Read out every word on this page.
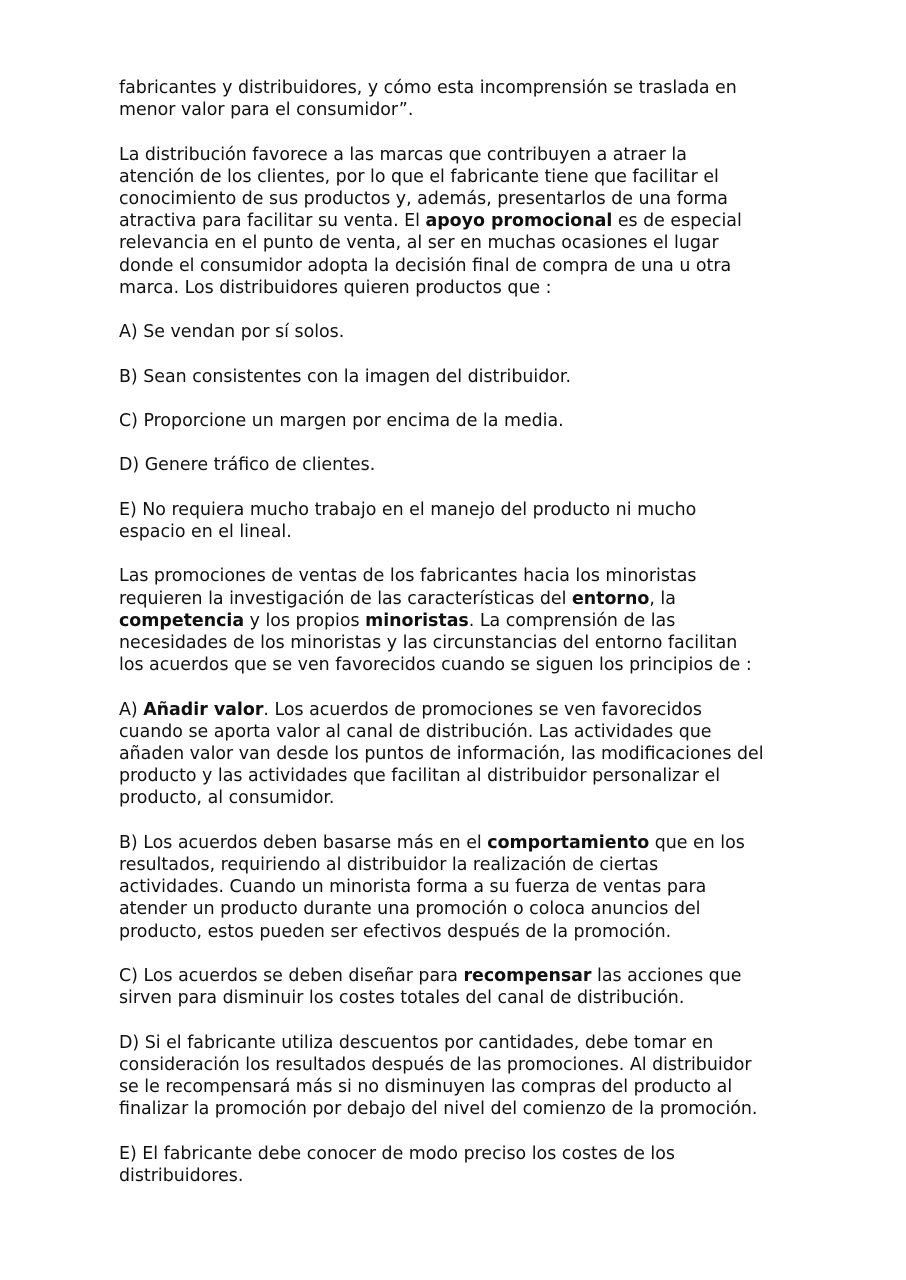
fabricantes y distribuidores, y cómo esta incomprensión se traslada en
menor valor para el consumidor”.

La distribución favorece a las marcas que contribuyen a atraer la
atención de los clientes, por lo que el fabricante tiene que facilitar el
conocimiento de sus productos y, además, presentarlos de una forma
atractiva para facilitar su venta. El apoyo promocional es de especial
relevancia en el punto de venta, al ser en muchas ocasiones el lugar
donde el consumidor adopta la decisión final de compra de una u otra
marca. Los distribuidores quieren productos que :

A) Se vendan por sí solos.

B) Sean consistentes con la imagen del distribuidor.

C) Proporcione un margen por encima de la media.

D) Genere tráfico de clientes.

E) No requiera mucho trabajo en el manejo del producto ni mucho
espacio en el lineal.

Las promociones de ventas de los fabricantes hacia los minoristas
requieren la investigación de las características del entorno, la
competencia y los propios minoristas. La comprensión de las
necesidades de los minoristas y las circunstancias del entorno facilitan
los acuerdos que se ven favorecidos cuando se siguen los principios de :

A) Añadir valor. Los acuerdos de promociones se ven favorecidos
cuando se aporta valor al canal de distribución. Las actividades que
añaden valor van desde los puntos de información, las modificaciones del
producto y las actividades que facilitan al distribuidor personalizar el
producto, al consumidor.

B) Los acuerdos deben basarse más en el comportamiento que en los
resultados, requiriendo al distribuidor la realización de ciertas
actividades. Cuando un minorista forma a su fuerza de ventas para
atender un producto durante una promoción o coloca anuncios del
producto, estos pueden ser efectivos después de la promoción.

C) Los acuerdos se deben diseñar para recompensar las acciones que
sirven para disminuir los costes totales del canal de distribución.

D) Si el fabricante utiliza descuentos por cantidades, debe tomar en
consideración los resultados después de las promociones. Al distribuidor
se le recompensará más si no disminuyen las compras del producto al
finalizar la promoción por debajo del nivel del comienzo de la promoción.

E) El fabricante debe conocer de modo preciso los costes de los
distribuidores.
